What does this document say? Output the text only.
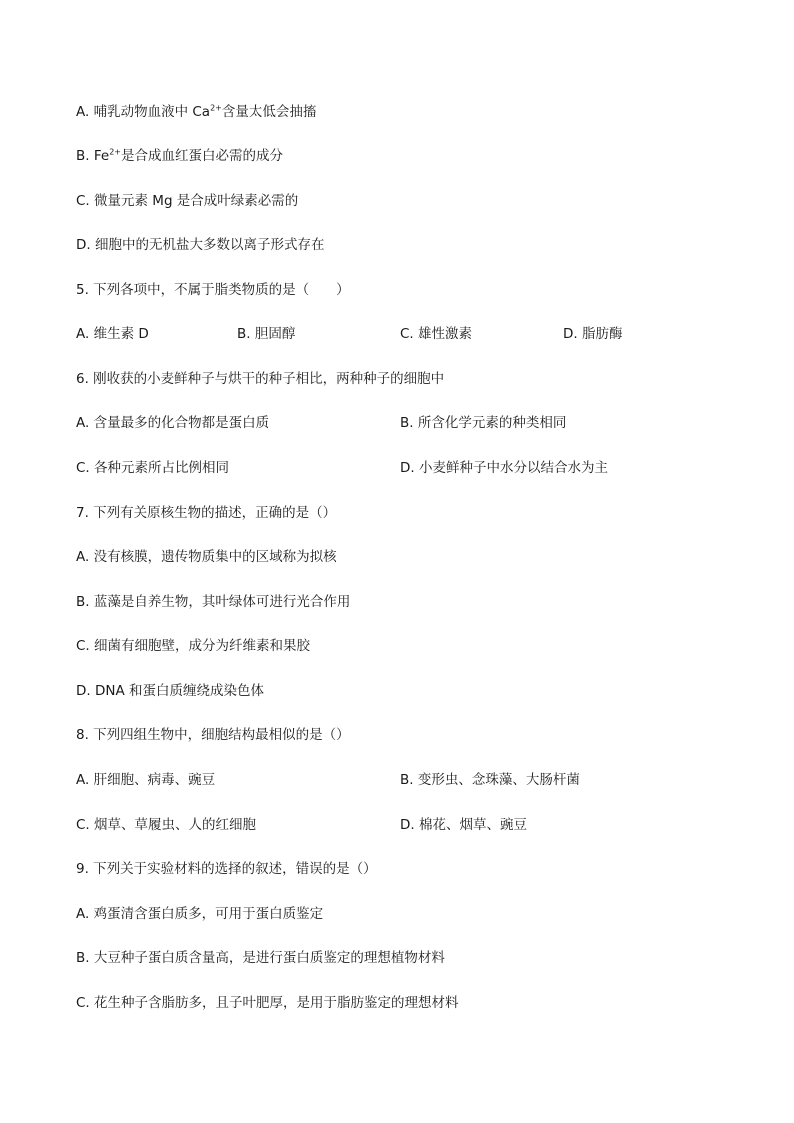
A. 哺乳动物血液中 $Ca^{2+}$含量太低会抽搐
B. $Fe^{2+}$是合成血红蛋白必需的成分
C. 微量元素 Mg 是合成叶绿素必需的
D. 细胞中的无机盐大多数以离子形式存在
5. 下列各项中，不属于脂类物质的是（　　）
A. 维生素 D	B. 胆固醇	C. 雄性激素	D. 脂肪酶
6. 刚收获的小麦鲜种子与烘干的种子相比，两种种子的细胞中
A. 含量最多的化合物都是蛋白质	B. 所含化学元素的种类相同
C. 各种元素所占比例相同	D. 小麦鲜种子中水分以结合水为主
7. 下列有关原核生物的描述，正确的是（）
A. 没有核膜，遗传物质集中的区域称为拟核
B. 蓝藻是自养生物，其叶绿体可进行光合作用
C. 细菌有细胞壁，成分为纤维素和果胶
D. DNA 和蛋白质缠绕成染色体
8. 下列四组生物中，细胞结构最相似的是（）
A. 肝细胞、病毒、豌豆	B. 变形虫、念珠藻、大肠杆菌
C. 烟草、草履虫、人的红细胞	D. 棉花、烟草、豌豆
9. 下列关于实验材料的选择的叙述，错误的是（）
A. 鸡蛋清含蛋白质多，可用于蛋白质鉴定
B. 大豆种子蛋白质含量高，是进行蛋白质鉴定的理想植物材料
C. 花生种子含脂肪多，且子叶肥厚，是用于脂肪鉴定的理想材料
